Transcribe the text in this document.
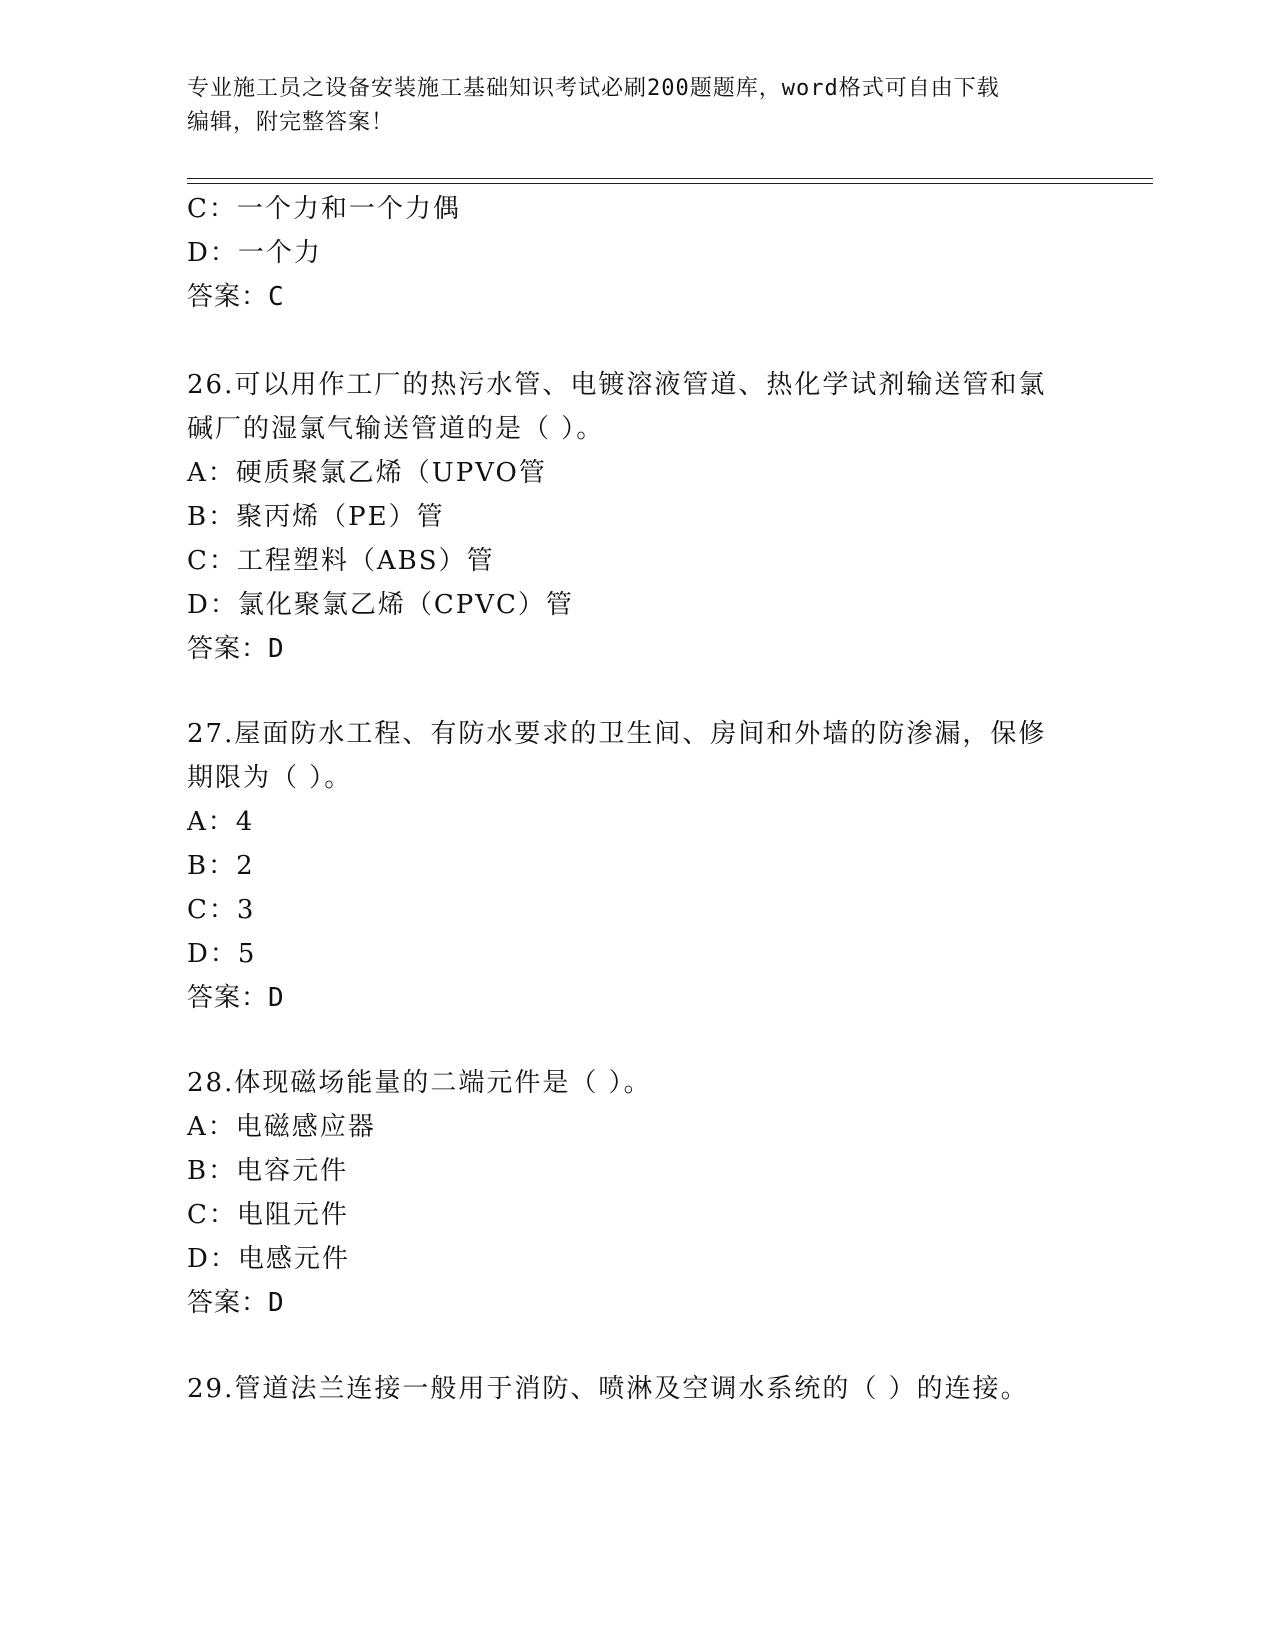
专业施工员之设备安装施工基础知识考试必刷200题题库，word格式可自由下载
编辑，附完整答案！
C：一个力和一个力偶
D：一个力
答案：C
26.可以用作工厂的热污水管、电镀溶液管道、热化学试剂输送管和氯
碱厂的湿氯气输送管道的是（ ）。
A：硬质聚氯乙烯（UPVO管
B：聚丙烯（PE）管
C：工程塑料（ABS）管
D：氯化聚氯乙烯（CPVC）管
答案：D
27.屋面防水工程、有防水要求的卫生间、房间和外墙的防渗漏，保修
期限为（ ）。
A：4
B：2
C：3
D：5
答案：D
28.体现磁场能量的二端元件是（ ）。
A：电磁感应器
B：电容元件
C：电阻元件
D：电感元件
答案：D
29.管道法兰连接一般用于消防、喷淋及空调水系统的（ ）的连接。
